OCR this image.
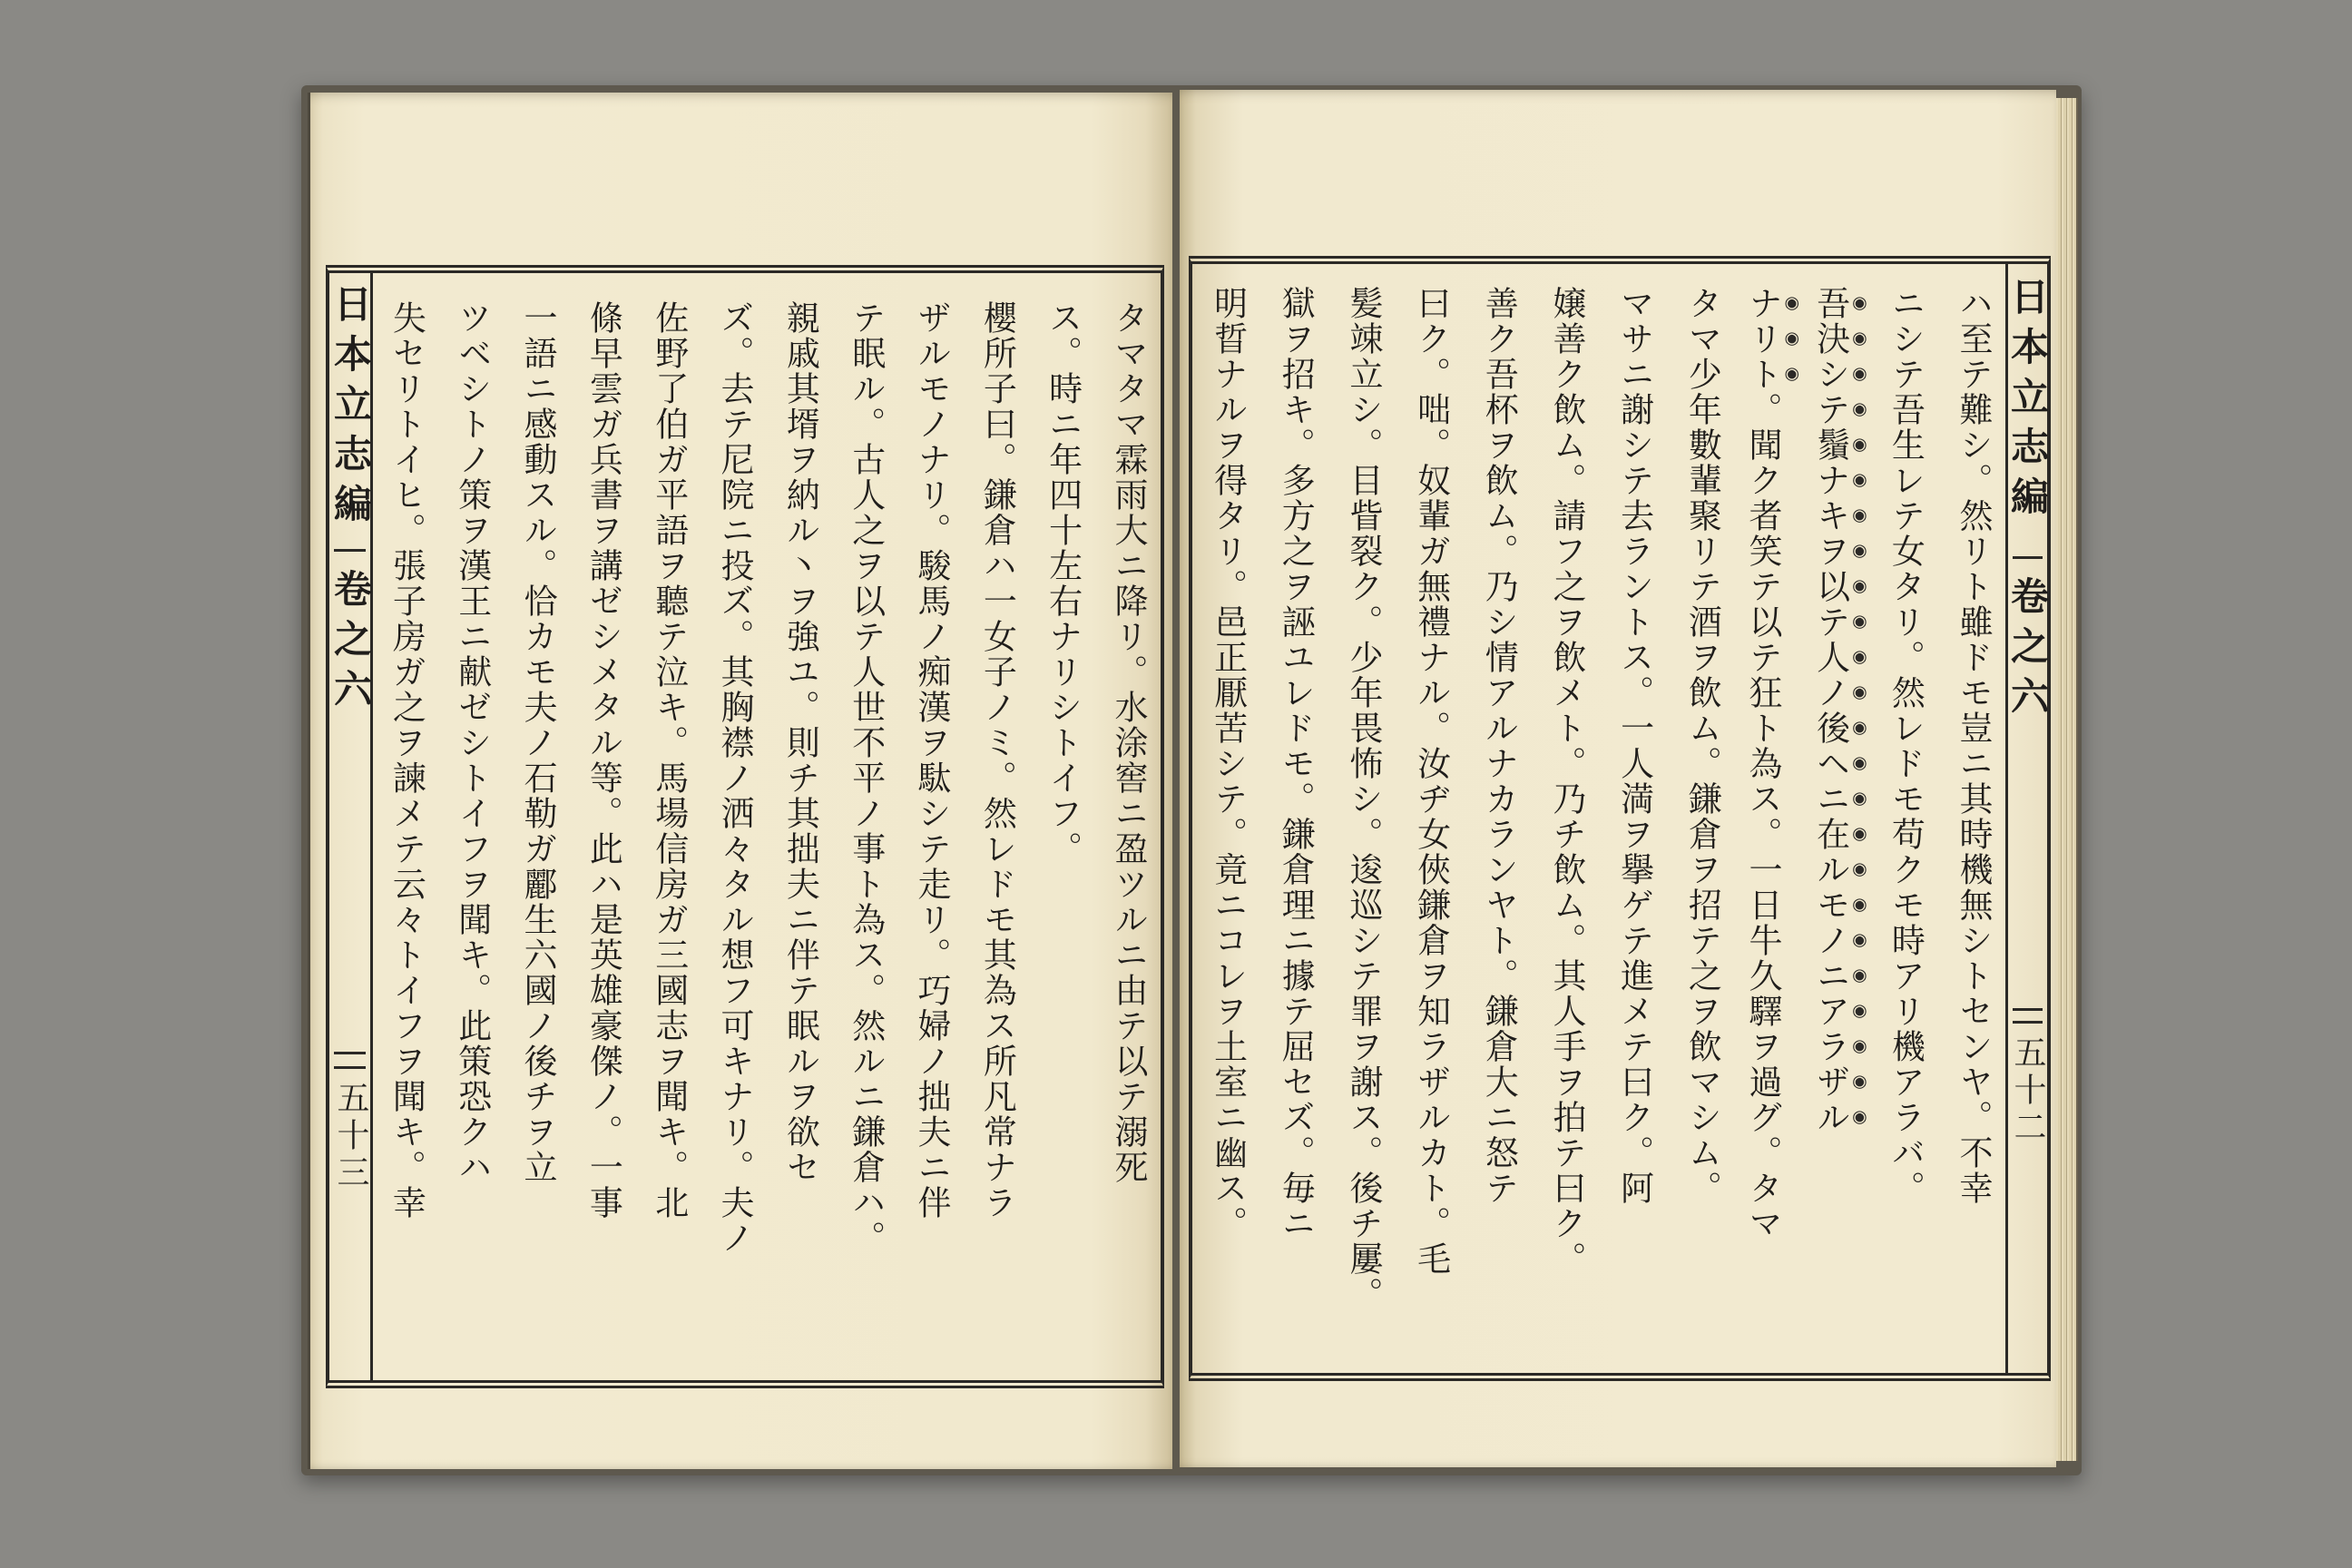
日本立志編
卷之六
五十三	タマタマ霖雨大ニ降リ。水涂窖ニ盈ツルニ由テ以テ溺死
ス。時ニ年四十左右ナリシトイフ。
櫻所子曰。鎌倉ハ一女子ノミ。然レドモ其為ス所凡常ナラ
ザルモノナリ。駿馬ノ痴漢ヲ駄シテ走リ。巧婦ノ拙夫ニ伴
テ眠ル。古人之ヲ以テ人世不平ノ事ト為ス。然ルニ鎌倉ハ。
親戚其壻ヲ納ル丶ヲ強ユ。則チ其拙夫ニ伴テ眠ルヲ欲セ
ズ。去テ尼院ニ投ズ。其胸襟ノ洒々タル想フ可キナリ。夫ノ
佐野了伯ガ平語ヲ聽テ泣キ。馬場信房ガ三國志ヲ聞キ。北
條早雲ガ兵書ヲ講ゼシメタル等。此ハ是英雄豪傑ノ。一事
一語ニ感動スル。恰カモ夫ノ石勒ガ酈生六國ノ後チヲ立
ツベシトノ策ヲ漢王ニ献ゼシトイフヲ聞キ。此策恐クハ
失セリトイヒ。張子房ガ之ヲ諫メテ云々トイフヲ聞キ。幸	ハ至テ難シ。然リト雖ドモ豈ニ其時機無シトセンヤ。不幸
ニシテ吾生レテ女タリ。然レドモ苟クモ時アリ機アラバ。
吾決シテ鬚ナキヲ以テ人ノ後ヘニ在ルモノニアラザル
ナリト。聞ク者笑テ以テ狂ト為ス。一日牛久驛ヲ過グ。タマ
タマ少年數輩聚リテ酒ヲ飲ム。鎌倉ヲ招テ之ヲ飲マシム。
マサニ謝シテ去ラントス。一人満ヲ擧ゲテ進メテ曰ク。阿
嬢善ク飲ム。請フ之ヲ飲メト。乃チ飲ム。其人手ヲ拍テ曰ク。
善ク吾杯ヲ飲ム。乃シ情アルナカランヤト。鎌倉大ニ怒テ
曰ク。咄。奴輩ガ無禮ナル。汝ヂ女俠鎌倉ヲ知ラザルカト。毛
髪竦立シ。目眥裂ク。少年畏怖シ。逡巡シテ罪ヲ謝ス。後チ屢。
獄ヲ招キ。多方之ヲ誣ユレドモ。鎌倉理ニ據テ屈セズ。毎ニ
明晢ナルヲ得タリ。邑正厭苦シテ。竟ニコレヲ土室ニ幽ス。	日本立志編
卷之六
五十二
